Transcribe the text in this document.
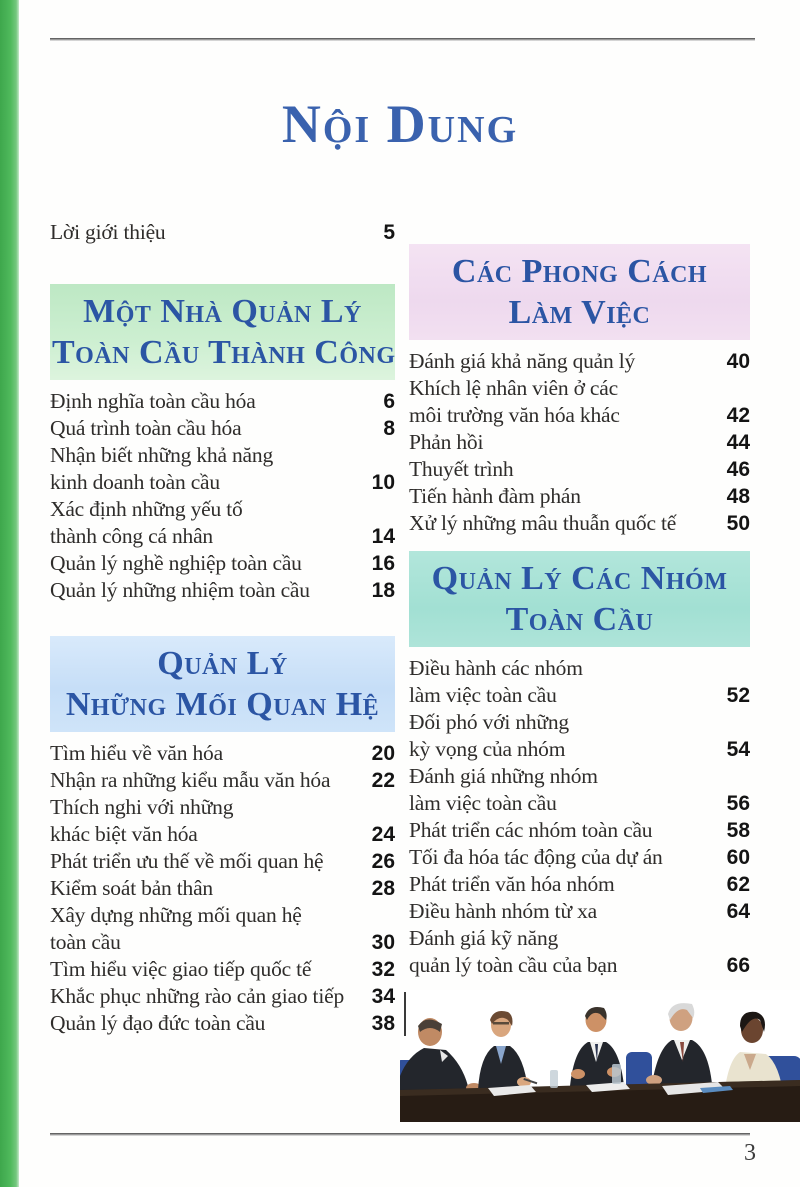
Nội Dung
Lời giới thiệu	5
Một Nhà Quản Lý
Toàn Cầu Thành Công
Định nghĩa toàn cầu hóa	6
Quá trình toàn cầu hóa	8
Nhận biết những khả năng
kinh doanh toàn cầu	10
Xác định những yếu tố
thành công cá nhân	14
Quản lý nghề nghiệp toàn cầu	16
Quản lý những nhiệm toàn cầu	18
Quản Lý
Những Mối Quan Hệ
Tìm hiểu về văn hóa	20
Nhận ra những kiểu mẫu văn hóa 22
Thích nghi với những
khác biệt văn hóa	24
Phát triển ưu thế về mối quan hệ 26
Kiểm soát bản thân	28
Xây dựng những mối quan hệ
toàn cầu	30
Tìm hiểu việc giao tiếp quốc tế	32
Khắc phục những rào cản giao tiếp 34
Quản lý đạo đức toàn cầu	38
Các Phong Cách
Làm Việc
Đánh giá khả năng quản lý	40
Khích lệ nhân viên ở các
môi trường văn hóa khác	42
Phản hồi	44
Thuyết trình	46
Tiến hành đàm phán	48
Xử lý những mâu thuẫn quốc tế 50
Quản Lý Các Nhóm
Toàn Cầu
Điều hành các nhóm
làm việc toàn cầu	52
Đối phó với những
kỳ vọng của nhóm	54
Đánh giá những nhóm
làm việc toàn cầu	56
Phát triển các nhóm toàn cầu	58
Tối đa hóa tác động của dự án	60
Phát triển văn hóa nhóm	62
Điều hành nhóm từ xa	64
Đánh giá kỹ năng
quản lý toàn cầu của bạn	66
3
